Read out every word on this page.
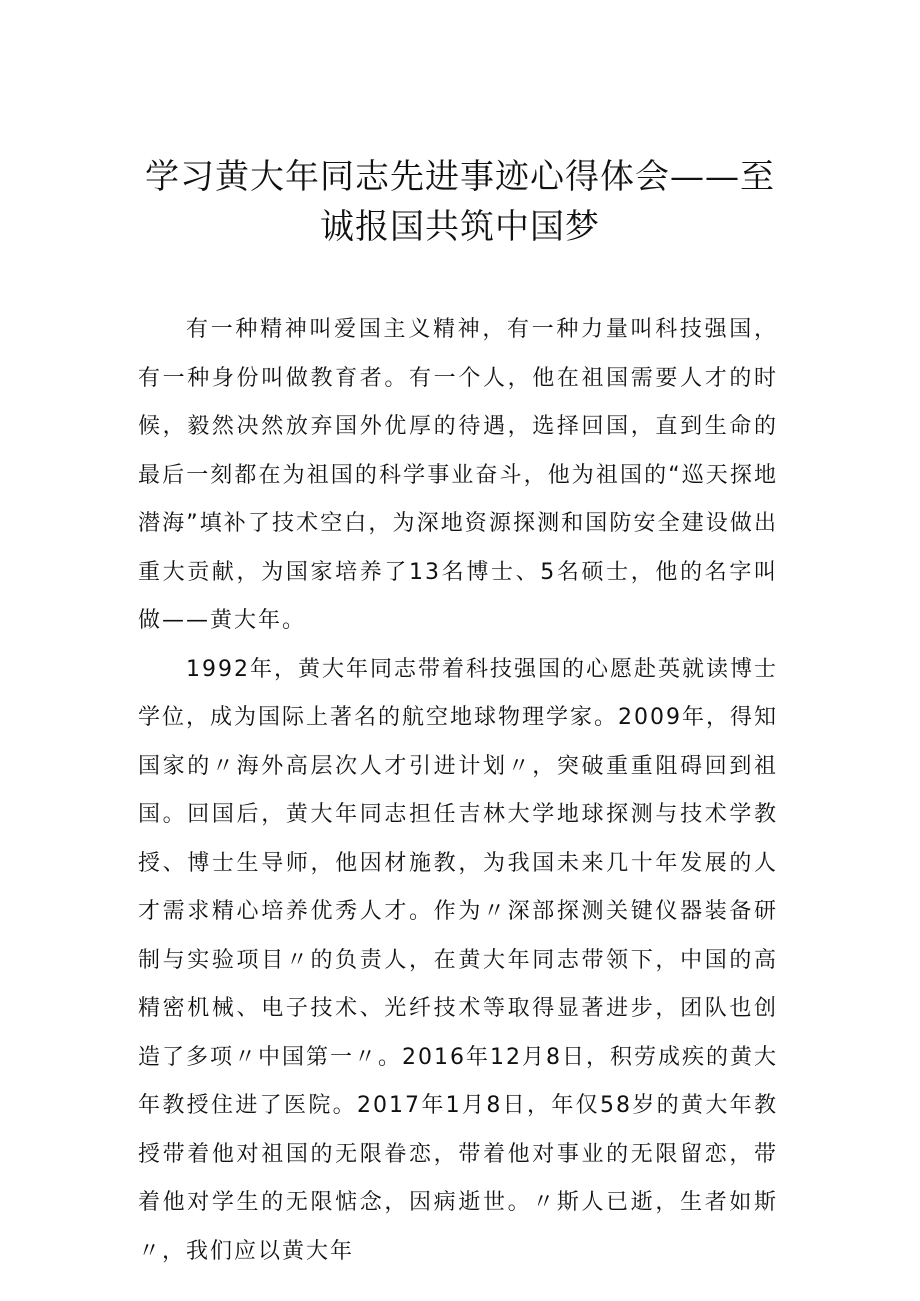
学习黄大年同志先进事迹心得体会——至
诚报国共筑中国梦

有一种精神叫爱国主义精神，有一种力量叫科技强国，有一种身份叫做教育者。有一个人，他在祖国需要人才的时候，毅然决然放弃国外优厚的待遇，选择回国，直到生命的最后一刻都在为祖国的科学事业奋斗，他为祖国的“巡天探地潜海”填补了技术空白，为深地资源探测和国防安全建设做出重大贡献，为国家培养了13名博士、5名硕士，他的名字叫做——黄大年。

1992年，黄大年同志带着科技强国的心愿赴英就读博士学位，成为国际上著名的航空地球物理学家。2009年，得知国家的〃海外高层次人才引进计划〃，突破重重阻碍回到祖国。回国后，黄大年同志担任吉林大学地球探测与技术学教授、博士生导师，他因材施教，为我国未来几十年发展的人才需求精心培养优秀人才。作为〃深部探测关键仪器装备研制与实验项目〃的负责人，在黄大年同志带领下，中国的高精密机械、电子技术、光纤技术等取得显著进步，团队也创造了多项〃中国第一〃。2016年12月8日，积劳成疾的黄大年教授住进了医院。2017年1月8日，年仅58岁的黄大年教授带着他对祖国的无限眷恋，带着他对事业的无限留恋，带着他对学生的无限惦念，因病逝世。〃斯人已逝，生者如斯〃，我们应以黄大年
